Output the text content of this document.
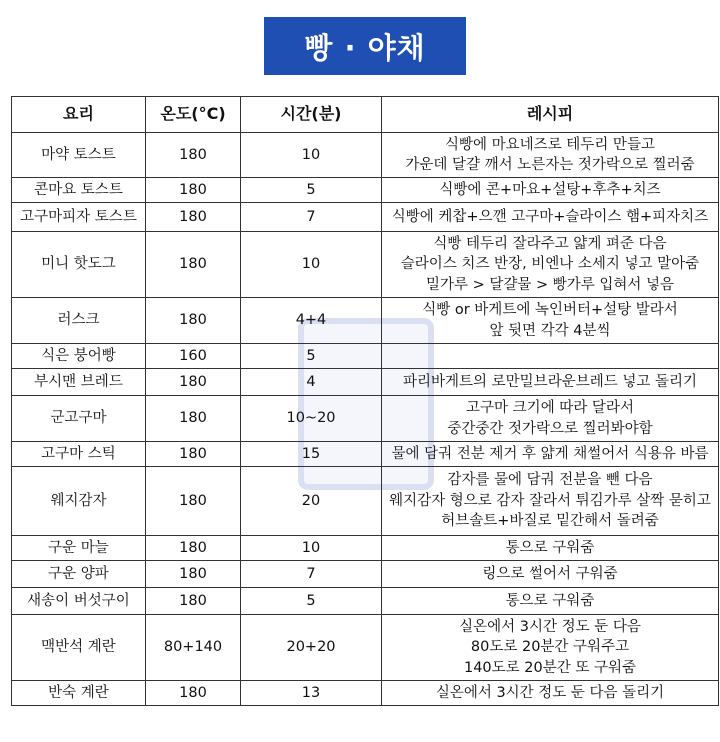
빵 · 야채
요리	온도(°C)	시간(분)	레시피
마약 토스트	180	10	식빵에 마요네즈로 테두리 만들고
가운데 달걀 깨서 노른자는 젓가락으로 찔러줌

콘마요 토스트	180	5	식빵에 콘+마요+설탕+후추+치즈

고구마피자 토스트	180	7	식빵에 케찹+으깬 고구마+슬라이스 햄+피자치즈

미니 핫도그	180	10	식빵 테두리 잘라주고 얇게 펴준 다음
슬라이스 치즈 반장, 비엔나 소세지 넣고 말아줌
밀가루 > 달걀물 > 빵가루 입혀서 넣음

러스크	180	4+4	식빵 or 바게트에 녹인버터+설탕 발라서
앞 뒷면 각각 4분씩

식은 붕어빵	160	5	

부시맨 브레드	180	4	파리바게트의 로만밀브라운브레드 넣고 돌리기

군고구마	180	10~20	고구마 크기에 따라 달라서
중간중간 젓가락으로 찔러봐야함

고구마 스틱	180	15	물에 담궈 전분 제거 후 얇게 채썰어서 식용유 바름

웨지감자	180	20	감자를 물에 담궈 전분을 뺀 다음
웨지감자 형으로 감자 잘라서 튀김가루 살짝 묻히고
허브솔트+바질로 밑간해서 돌려줌

구운 마늘	180	10	통으로 구워줌

구운 양파	180	7	링으로 썰어서 구워줌

새송이 버섯구이	180	5	통으로 구워줌

맥반석 계란	80+140	20+20	실온에서 3시간 정도 둔 다음
80도로 20분간 구워주고
140도로 20분간 또 구워줌

반숙 계란	180	13	실온에서 3시간 정도 둔 다음 돌리기
